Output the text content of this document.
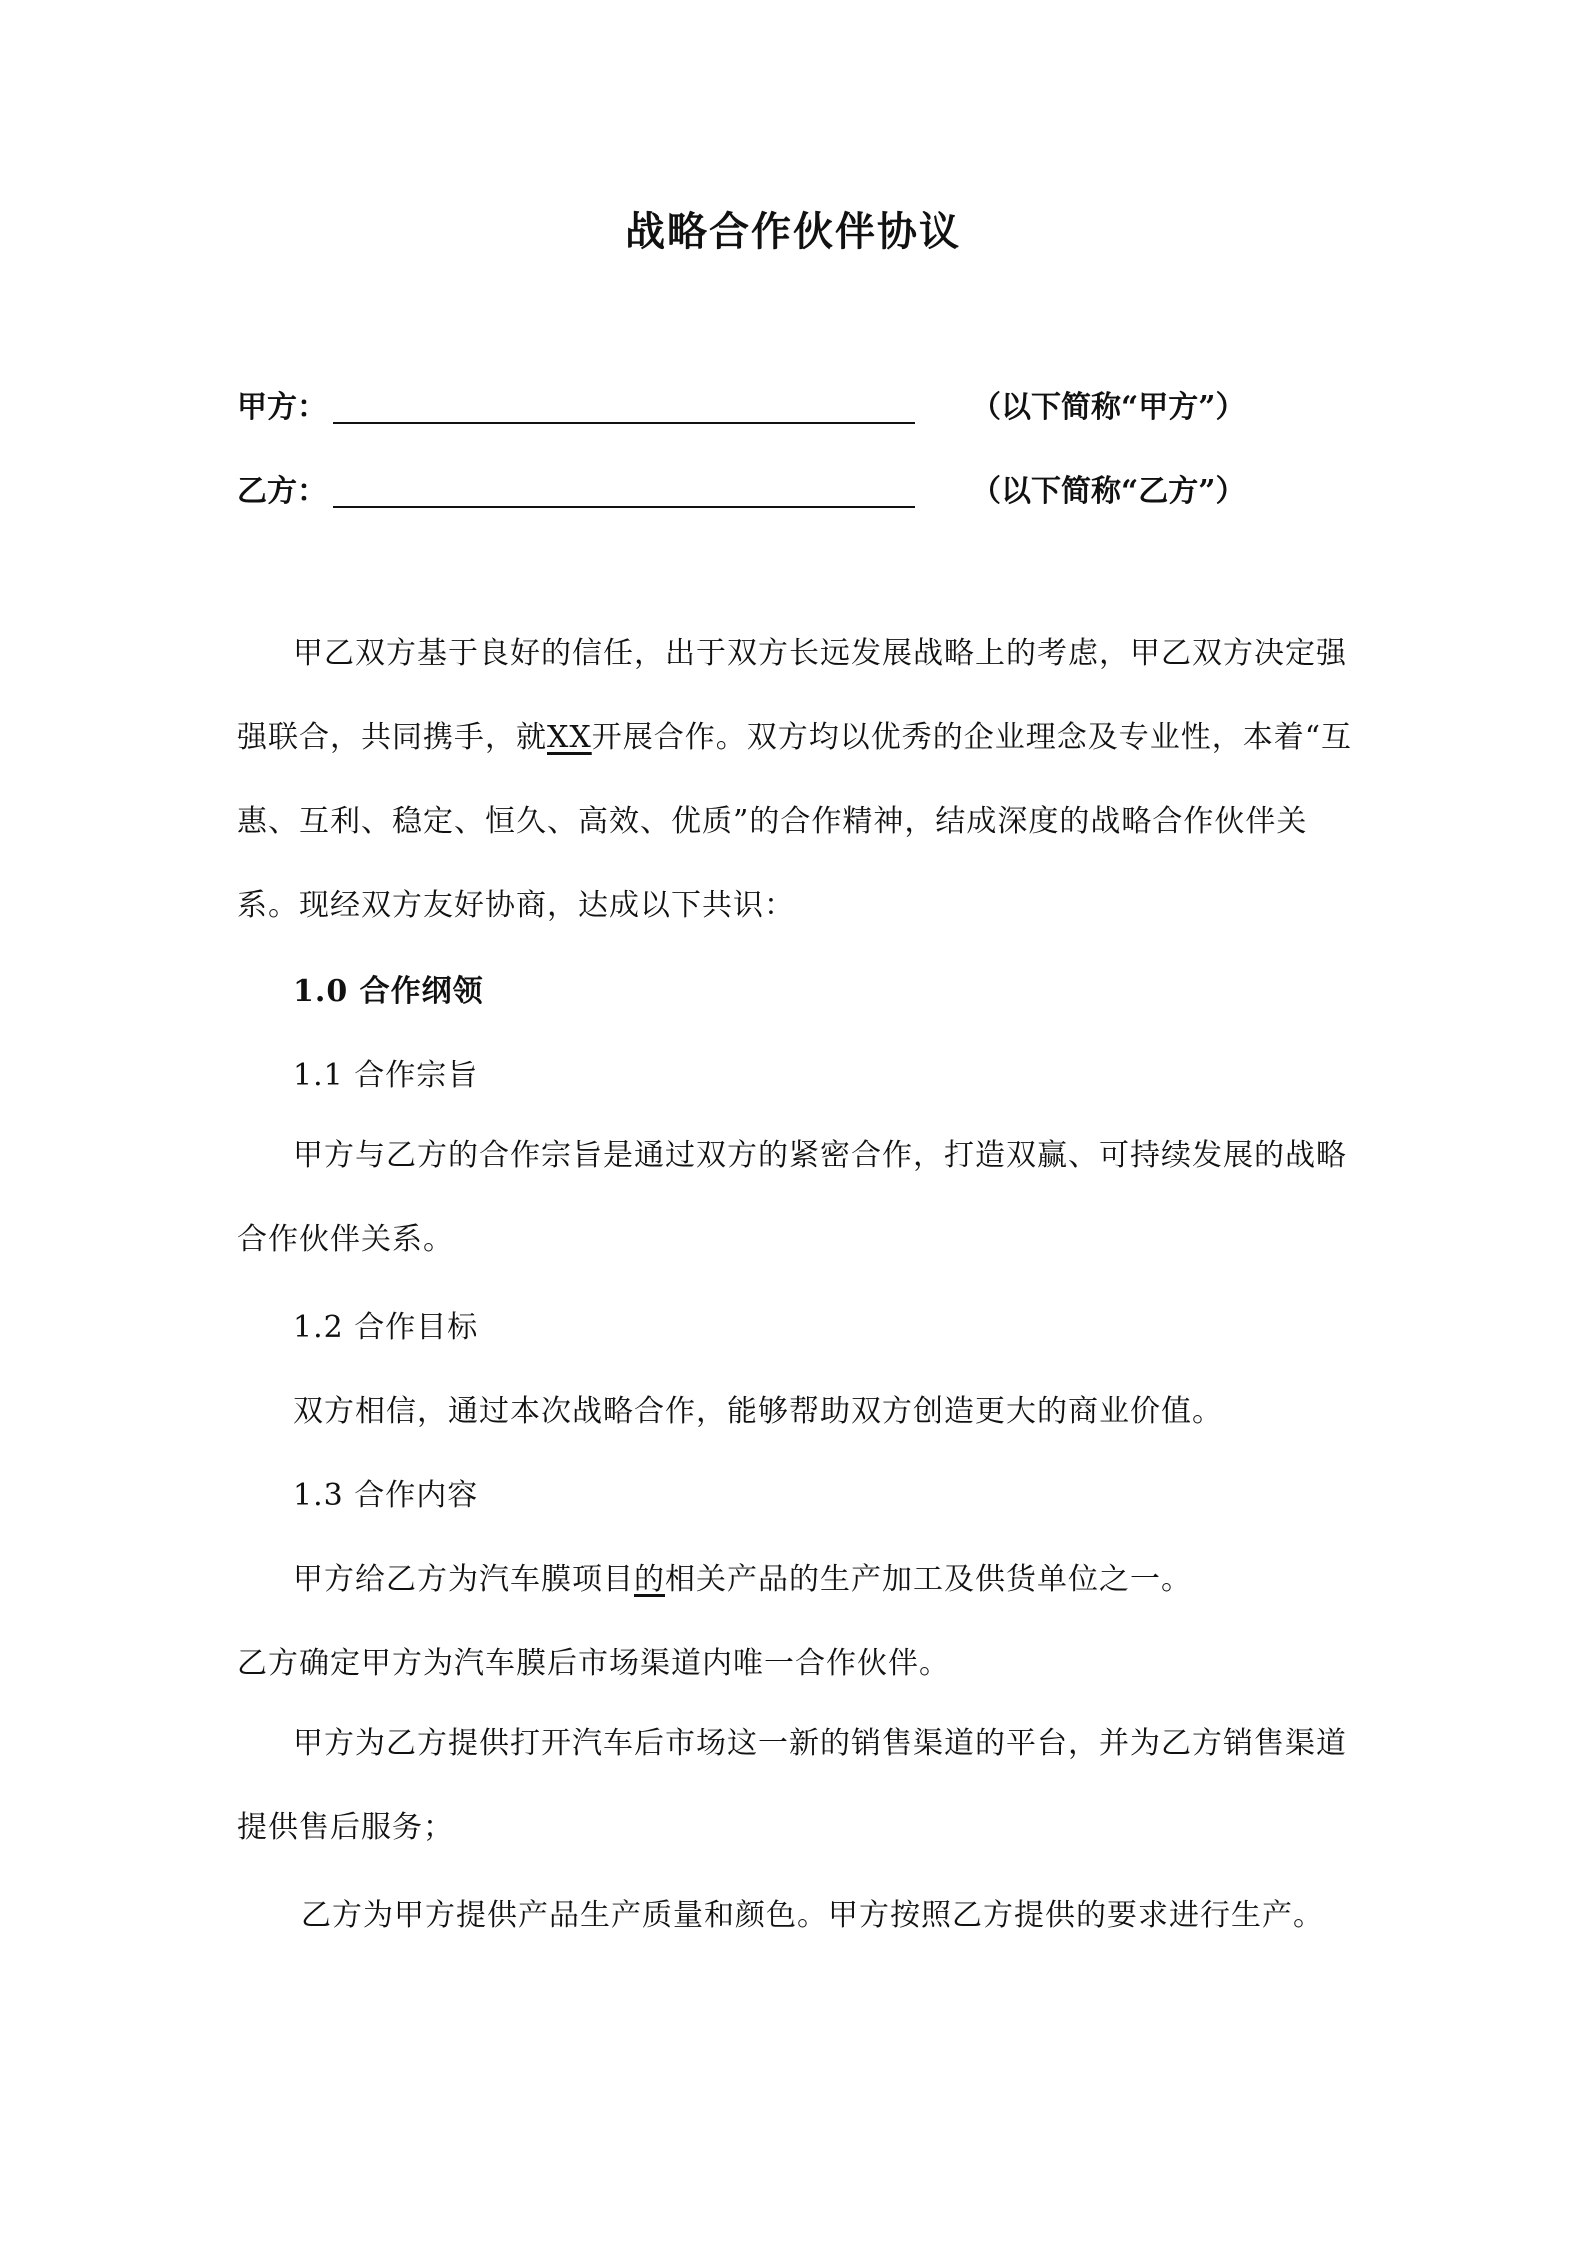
战略合作伙伴协议
甲方：	（以下简称“甲方”）
乙方：	（以下简称“乙方”）
甲乙双方基于良好的信任，出于双方长远发展战略上的考虑，甲乙双方决定强强联合，共同携手，就XX开展合作。双方均以优秀的企业理念及专业性，本着“互惠、互利、稳定、恒久、高效、优质”的合作精神，结成深度的战略合作伙伴关系。现经双方友好协商，达成以下共识：
1.0 合作纲领
1.1 合作宗旨
甲方与乙方的合作宗旨是通过双方的紧密合作，打造双赢、可持续发展的战略合作伙伴关系。
1.2 合作目标
双方相信，通过本次战略合作，能够帮助双方创造更大的商业价值。
1.3 合作内容
甲方给乙方为汽车膜项目的相关产品的生产加工及供货单位之一。
乙方确定甲方为汽车膜后市场渠道内唯一合作伙伴。
甲方为乙方提供打开汽车后市场这一新的销售渠道的平台，并为乙方销售渠道提供售后服务；
乙方为甲方提供产品生产质量和颜色。甲方按照乙方提供的要求进行生产。
